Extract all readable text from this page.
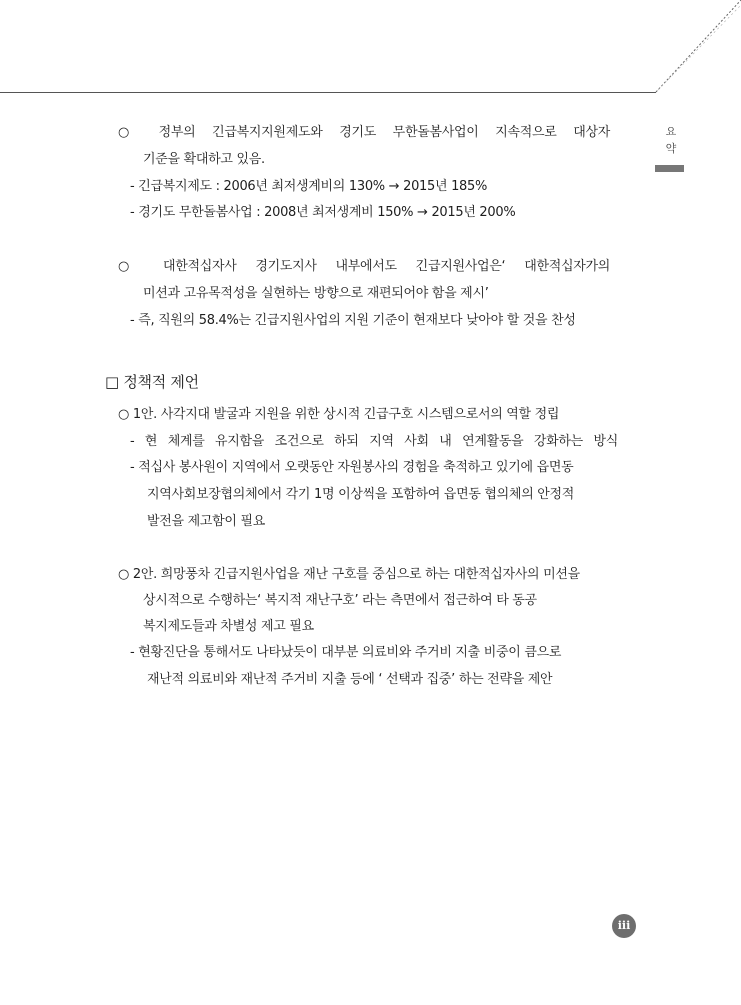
요
약
○ 정부의 긴급복지지원제도와 경기도 무한돌봄사업이 지속적으로 대상자
기준을 확대하고 있음.
- 긴급복지제도 : 2006년 최저생계비의 130% → 2015년 185%
- 경기도 무한돌봄사업 : 2008년 최저생계비 150% → 2015년 200%
○ 대한적십자사 경기도지사 내부에서도 긴급지원사업은‘ 대한적십자가의
미션과 고유목적성을 실현하는 방향으로 재편되어야 함을 제시’
- 즉, 직원의 58.4%는 긴급지원사업의 지원 기준이 현재보다 낮아야 할 것을 찬성
□ 정책적 제언
○ 1안. 사각지대 발굴과 지원을 위한 상시적 긴급구호 시스템으로서의 역할 정립
- 현 체계를 유지함을 조건으로 하되 지역 사회 내 연계활동을 강화하는 방식
- 적십사 봉사원이 지역에서 오랫동안 자원봉사의 경험을 축적하고 있기에 읍면동
지역사회보장협의체에서 각기 1명 이상씩을 포함하여 읍면동 협의체의 안정적
발전을 제고함이 필요
○ 2안. 희망풍차 긴급지원사업을 재난 구호를 중심으로 하는 대한적십자사의 미션을
상시적으로 수행하는‘ 복지적 재난구호’ 라는 측면에서 접근하여 타 동공
복지제도들과 차별성 제고 필요
- 현황진단을 통해서도 나타났듯이 대부분 의료비와 주거비 지출 비중이 큼으로
재난적 의료비와 재난적 주거비 지출 등에 ‘ 선택과 집중’ 하는 전략을 제안
iii
